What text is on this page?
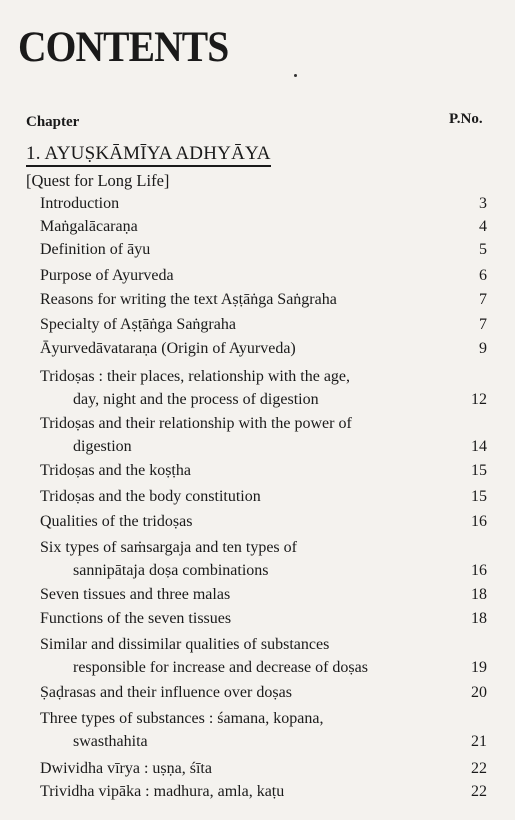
CONTENTS
Chapter	P.No.
1. AYUṢKĀMĪYA ADHYĀYA
[Quest for Long Life]
Introduction	3
Maṅgalācaraṇa	4
Definition of āyu	5
Purpose of Ayurveda	6
Reasons for writing the text Aṣṭāṅga Saṅgraha	7
Specialty of Aṣṭāṅga Saṅgraha	7
Āyurvedāvataraṇa (Origin of Ayurveda)	9
Tridoṣas : their places, relationship with the age,
day, night and the process of digestion	12
Tridoṣas and their relationship with the power of
digestion	14
Tridoṣas and the koṣṭha	15
Tridoṣas and the body constitution	15
Qualities of the tridoṣas	16
Six types of saṁsargaja and ten types of
sannipātaja doṣa combinations	16
Seven tissues and three malas	18
Functions of the seven tissues	18
Similar and dissimilar qualities of substances
responsible for increase and decrease of doṣas	19
Ṣaḍrasas and their influence over doṣas	20
Three types of substances : śamana, kopana,
swasthahita	21
Dwividha vīrya : uṣṇa, śīta	22
Trividha vipāka : madhura, amla, kaṭu	22
